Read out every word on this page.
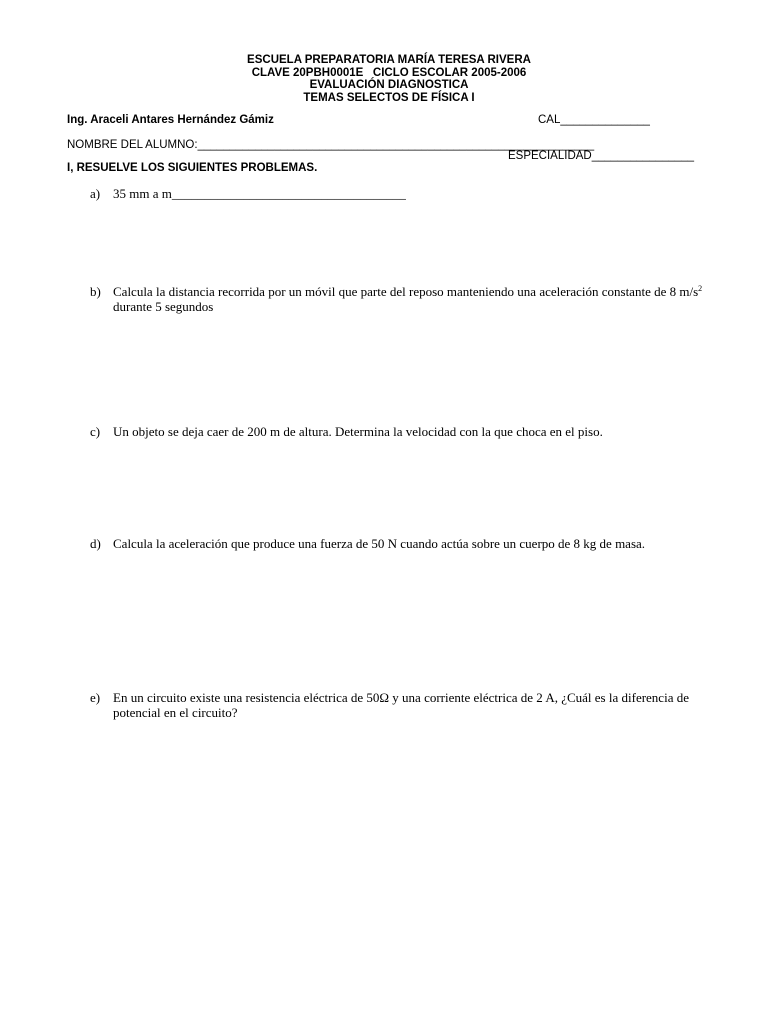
ESCUELA PREPARATORIA MARÍA TERESA RIVERA
CLAVE 20PBH0001E   CICLO ESCOLAR 2005-2006
EVALUACIÓN DIAGNOSTICA
TEMAS SELECTOS DE FÍSICA I
Ing. Araceli Antares Hernández Gámiz	CAL______________
NOMBRE DEL ALUMNO:______________________________________________________________
ESPECIALIDAD________________
I, RESUELVE LOS SIGUIENTES PROBLEMAS.
a) 35 mm a m____________________________________
b) Calcula la distancia recorrida por un móvil que parte del reposo manteniendo una aceleración constante de 8 $m/s^2$ durante 5 segundos
c) Un objeto se deja caer de 200 m de altura. Determina la velocidad con la que choca en el piso.
d) Calcula la aceleración que produce una fuerza de 50 N cuando actúa sobre un cuerpo de 8 kg de masa.
e) En un circuito existe una resistencia eléctrica de 50Ω y una corriente eléctrica de 2 A, ¿Cuál es la diferencia de potencial en el circuito?
